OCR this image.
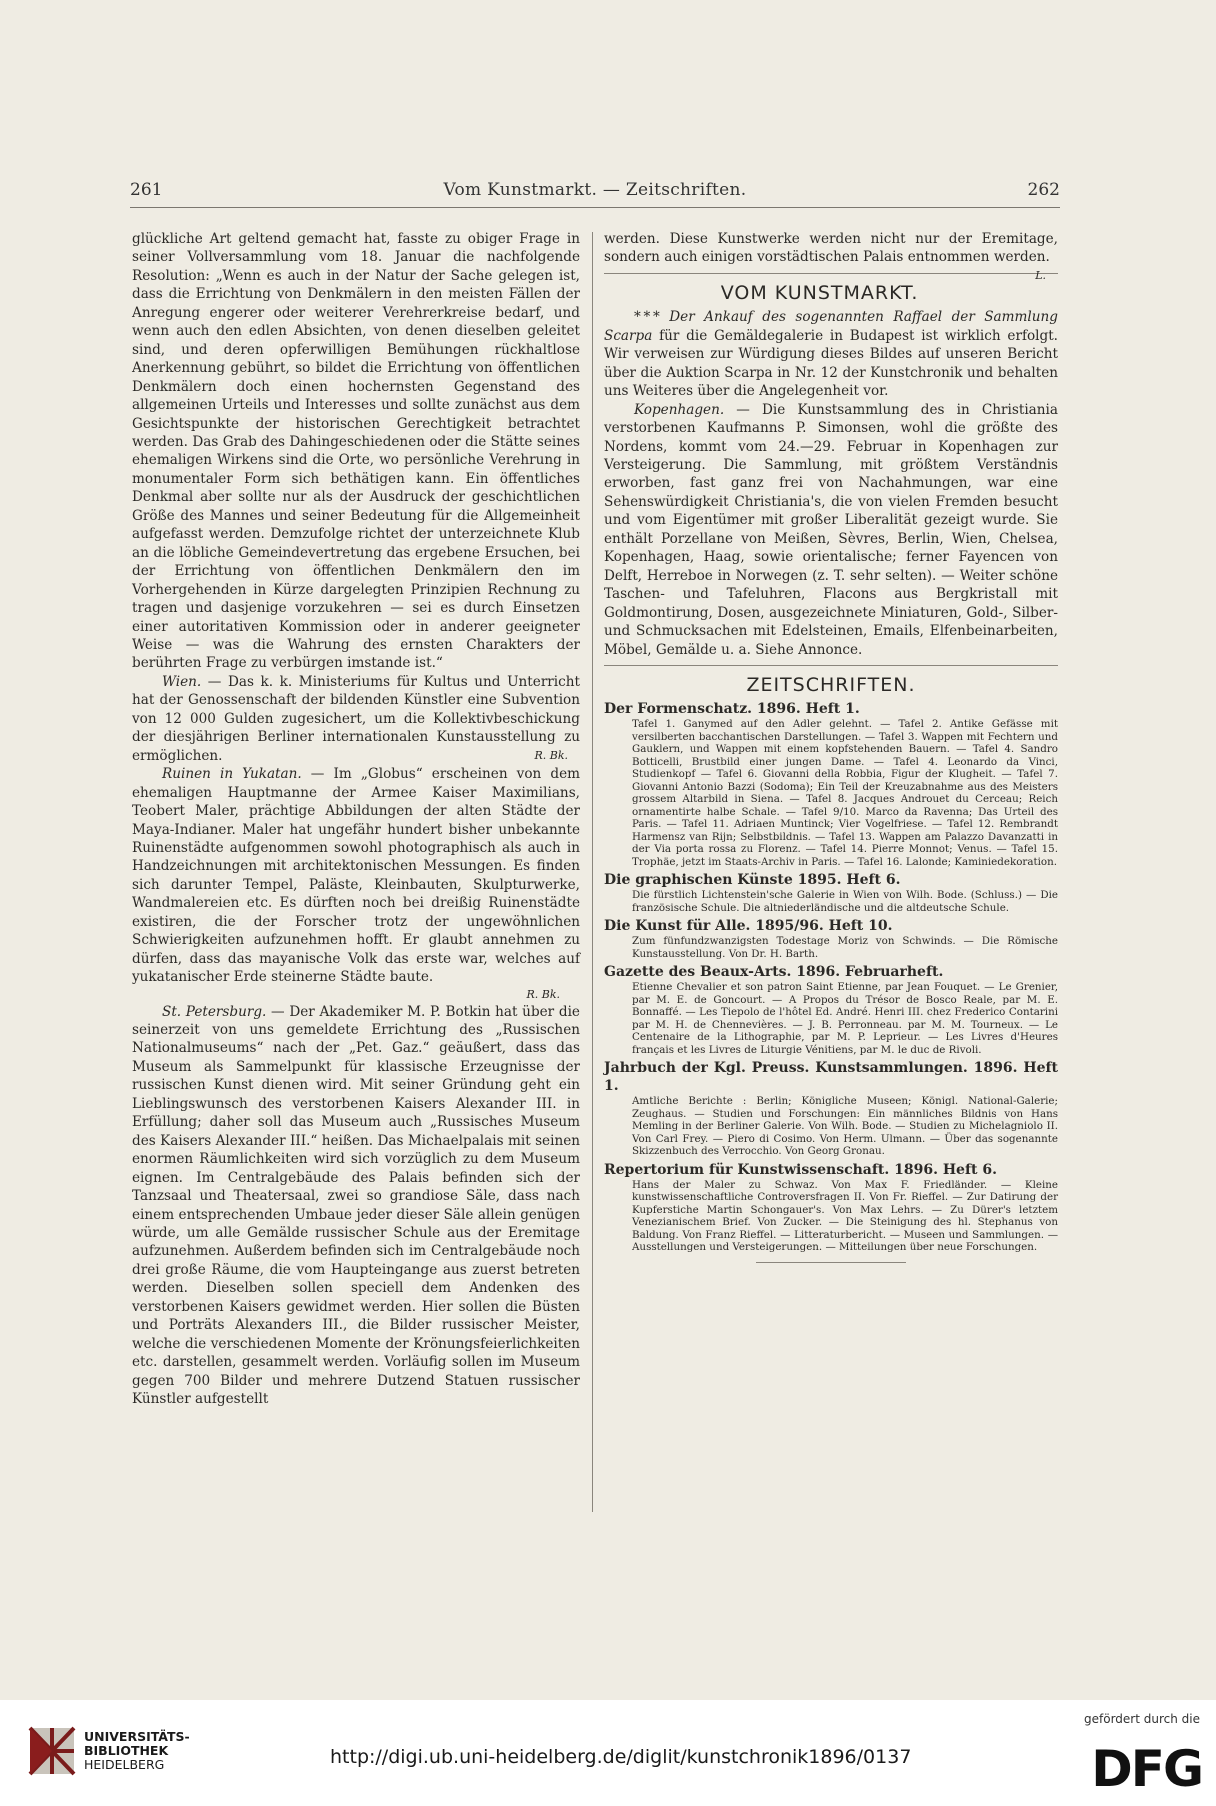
261	Vom Kunstmarkt. — Zeitschriften.	262

glückliche Art geltend gemacht hat, fasste zu obiger Frage in seiner Vollversammlung vom 18. Januar die nachfolgende Resolution: „Wenn es auch in der Natur der Sache gelegen ist, dass die Errichtung von Denkmälern in den meisten Fällen der Anregung engerer oder weiterer Verehrerkreise bedarf, und wenn auch den edlen Absichten, von denen dieselben geleitet sind, und deren opferwilligen Bemühungen rückhaltlose Anerkennung gebührt, so bildet die Errichtung von öffentlichen Denkmälern doch einen hochernsten Gegenstand des allgemeinen Urteils und Interesses und sollte zunächst aus dem Gesichtspunkte der historischen Gerechtigkeit betrachtet werden. Das Grab des Dahingeschiedenen oder die Stätte seines ehemaligen Wirkens sind die Orte, wo persönliche Verehrung in monumentaler Form sich bethätigen kann. Ein öffentliches Denkmal aber sollte nur als der Ausdruck der geschichtlichen Größe des Mannes und seiner Bedeutung für die Allgemeinheit aufgefasst werden. Demzufolge richtet der unterzeichnete Klub an die löbliche Gemeindevertretung das ergebene Ersuchen, bei der Errichtung von öffentlichen Denkmälern den im Vorhergehenden in Kürze dargelegten Prinzipien Rechnung zu tragen und dasjenige vorzukehren — sei es durch Einsetzen einer autoritativen Kommission oder in anderer geeigneter Weise — was die Wahrung des ernsten Charakters der berührten Frage zu verbürgen imstande ist.“

Wien. — Das k. k. Ministeriums für Kultus und Unterricht hat der Genossenschaft der bildenden Künstler eine Subvention von 12 000 Gulden zugesichert, um die Kollektivbeschickung der diesjährigen Berliner internationalen Kunstausstellung zu ermöglichen.	R. Bk.

Ruinen in Yukatan. — Im „Globus“ erscheinen von dem ehemaligen Hauptmanne der Armee Kaiser Maximilians, Teobert Maler, prächtige Abbildungen der alten Städte der Maya-Indianer. Maler hat ungefähr hundert bisher unbekannte Ruinenstädte aufgenommen sowohl photographisch als auch in Handzeichnungen mit architektonischen Messungen. Es finden sich darunter Tempel, Paläste, Kleinbauten, Skulpturwerke, Wandmalereien etc. Es dürften noch bei dreißig Ruinenstädte existiren, die der Forscher trotz der ungewöhnlichen Schwierigkeiten aufzunehmen hofft. Er glaubt annehmen zu dürfen, dass das mayanische Volk das erste war, welches auf yukatanischer Erde steinerne Städte baute.

R. Bk.

St. Petersburg. — Der Akademiker M. P. Botkin hat über die seinerzeit von uns gemeldete Errichtung des „Russischen Nationalmuseums“ nach der „Pet. Gaz.“ geäußert, dass das Museum als Sammelpunkt für klassische Erzeugnisse der russischen Kunst dienen wird. Mit seiner Gründung geht ein Lieblingswunsch des verstorbenen Kaisers Alexander III. in Erfüllung; daher soll das Museum auch „Russisches Museum des Kaisers Alexander III.“ heißen. Das Michaelpalais mit seinen enormen Räumlichkeiten wird sich vorzüglich zu dem Museum eignen. Im Centralgebäude des Palais befinden sich der Tanzsaal und Theatersaal, zwei so grandiose Säle, dass nach einem entsprechenden Umbaue jeder dieser Säle allein genügen würde, um alle Gemälde russischer Schule aus der Eremitage aufzunehmen. Außerdem befinden sich im Centralgebäude noch drei große Räume, die vom Haupteingange aus zuerst betreten werden. Dieselben sollen speciell dem Andenken des verstorbenen Kaisers gewidmet werden. Hier sollen die Büsten und Porträts Alexanders III., die Bilder russischer Meister, welche die verschiedenen Momente der Krönungsfeierlichkeiten etc. darstellen, gesammelt werden. Vorläufig sollen im Museum gegen 700 Bilder und mehrere Dutzend Statuen russischer Künstler aufgestellt

werden. Diese Kunstwerke werden nicht nur der Eremitage, sondern auch einigen vorstädtischen Palais entnommen werden.
L.

VOM KUNSTMARKT.

* * * Der Ankauf des sogenannten Raffael der Sammlung Scarpa für die Gemäldegalerie in Budapest ist wirklich erfolgt. Wir verweisen zur Würdigung dieses Bildes auf unseren Bericht über die Auktion Scarpa in Nr. 12 der Kunstchronik und behalten uns Weiteres über die Angelegenheit vor.

Kopenhagen. — Die Kunstsammlung des in Christiania verstorbenen Kaufmanns P. Simonsen, wohl die größte des Nordens, kommt vom 24.—29. Februar in Kopenhagen zur Versteigerung. Die Sammlung, mit größtem Verständnis erworben, fast ganz frei von Nachahmungen, war eine Sehenswürdigkeit Christiania's, die von vielen Fremden besucht und vom Eigentümer mit großer Liberalität gezeigt wurde. Sie enthält Porzellane von Meißen, Sèvres, Berlin, Wien, Chelsea, Kopenhagen, Haag, sowie orientalische; ferner Fayencen von Delft, Herreboe in Norwegen (z. T. sehr selten). — Weiter schöne Taschen- und Tafeluhren, Flacons aus Bergkristall mit Goldmontirung, Dosen, ausgezeichnete Miniaturen, Gold-, Silber- und Schmucksachen mit Edelsteinen, Emails, Elfenbeinarbeiten, Möbel, Gemälde u. a. Siehe Annonce.

ZEITSCHRIFTEN.
Der Formenschatz. 1896. Heft 1.
Tafel 1. Ganymed auf den Adler gelehnt. — Tafel 2. Antike Gefässe mit versilberten bacchantischen Darstellungen. — Tafel 3. Wappen mit Fechtern und Gauklern, und Wappen mit einem kopfstehenden Bauern. — Tafel 4. Sandro Botticelli, Brustbild einer jungen Dame. — Tafel 4. Leonardo da Vinci, Studienkopf — Tafel 6. Giovanni della Robbia, Figur der Klugheit. — Tafel 7. Giovanni Antonio Bazzi (Sodoma); Ein Teil der Kreuzabnahme aus des Meisters grossem Altarbild in Siena. — Tafel 8. Jacques Androuet du Cerceau; Reich ornamentirte halbe Schale. — Tafel 9/10. Marco da Ravenna; Das Urteil des Paris. — Tafel 11. Adriaen Muntinck; Vier Vogelfriese. — Tafel 12. Rembrandt Harmensz van Rijn; Selbstbildnis. — Tafel 13. Wappen am Palazzo Davanzatti in der Via porta rossa zu Florenz. — Tafel 14. Pierre Monnot; Venus. — Tafel 15. Trophäe, jetzt im Staats-Archiv in Paris. — Tafel 16. Lalonde; Kaminiedekoration.
Die graphischen Künste 1895. Heft 6.
Die fürstlich Lichtenstein'sche Galerie in Wien von Wilh. Bode. (Schluss.) — Die französische Schule. Die altniederländische und die altdeutsche Schule.
Die Kunst für Alle. 1895/96. Heft 10.
Zum fünfundzwanzigsten Todestage Moriz von Schwinds. — Die Römische Kunstausstellung. Von Dr. H. Barth.
Gazette des Beaux-Arts. 1896. Februarheft.
Etienne Chevalier et son patron Saint Etienne, par Jean Fouquet. — Le Grenier, par M. E. de Goncourt. — A Propos du Trésor de Bosco Reale, par M. E. Bonnaffé. — Les Tiepolo de l'hôtel Ed. André. Henri III. chez Frederico Contarini par M. H. de Chennevières. — J. B. Perronneau. par M. M. Tourneux. — Le Centenaire de la Lithographie, par M. P. Leprieur. — Les Livres d'Heures français et les Livres de Liturgie Vénitiens, par M. le duc de Rivoli.
Jahrbuch der Kgl. Preuss. Kunstsammlungen. 1896. Heft 1.
Amtliche Berichte : Berlin; Königliche Museen; Königl. National-Galerie; Zeughaus. — Studien und Forschungen: Ein männliches Bildnis von Hans Memling in der Berliner Galerie. Von Wilh. Bode. — Studien zu Michelagniolo II. Von Carl Frey. — Piero di Cosimo. Von Herm. Ulmann. — Über das sogenannte Skizzenbuch des Verrocchio. Von Georg Gronau.
Repertorium für Kunstwissenschaft. 1896. Heft 6.
Hans der Maler zu Schwaz. Von Max F. Friedländer. — Kleine kunstwissenschaftliche Controversfragen II. Von Fr. Rieffel. — Zur Datirung der Kupferstiche Martin Schongauer's. Von Max Lehrs. — Zu Dürer's letztem Venezianischem Brief. Von Zucker. — Die Steinigung des hl. Stephanus von Baldung. Von Franz Rieffel. — Litteraturbericht. — Museen und Sammlungen. — Ausstellungen und Versteigerungen. — Mitteilungen über neue Forschungen.
UNIVERSITÄTS-
BIBLIOTHEK
HEIDELBERG	http://digi.ub.uni-heidelberg.de/diglit/kunstchronik1896/0137
gefördert durch die
DFG
